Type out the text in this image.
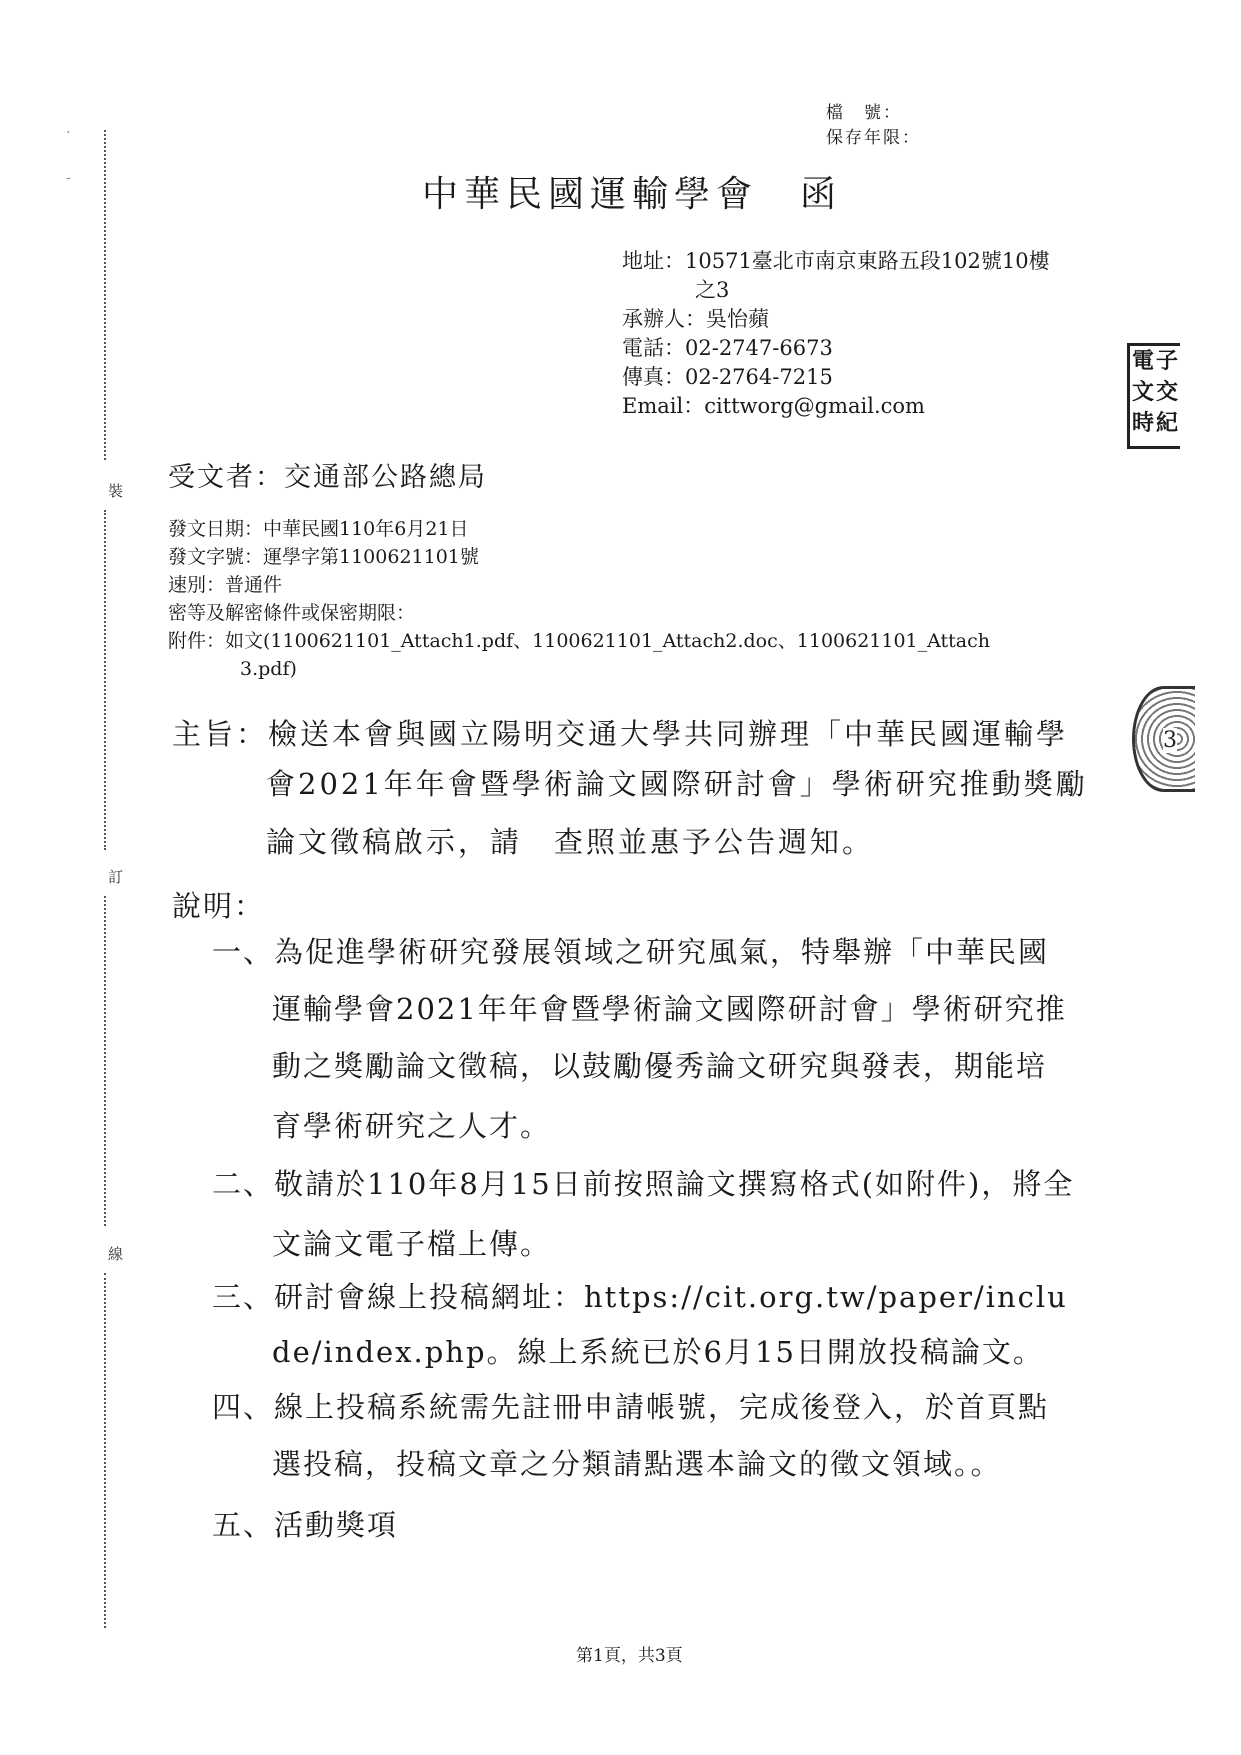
·
-
裝
訂
線
檔　號：
保存年限：
中華民國運輸學會　函
地址：10571臺北市南京東路五段102號10樓
之3
承辦人：吳怡蘋
電話：02-2747-6673
傳真：02-2764-7215
Email：cittworg@gmail.com
電
文
時
子
交
紀
受文者：交通部公路總局
發文日期：中華民國110年6月21日
發文字號：運學字第1100621101號
速別：普通件
密等及解密條件或保密期限：
附件：如文(1100621101_Attach1.pdf、1100621101_Attach2.doc、1100621101_Attach
3.pdf)
3
主旨：檢送本會與國立陽明交通大學共同辦理「中華民國運輸學
會2021年年會暨學術論文國際研討會」學術研究推動獎勵
論文徵稿啟示，請　查照並惠予公告週知。
說明：
一、為促進學術研究發展領域之研究風氣，特舉辦「中華民國
運輸學會2021年年會暨學術論文國際研討會」學術研究推
動之獎勵論文徵稿，以鼓勵優秀論文研究與發表，期能培
育學術研究之人才。
二、敬請於110年8月15日前按照論文撰寫格式(如附件)，將全
文論文電子檔上傳。
三、研討會線上投稿網址：https://cit.org.tw/paper/inclu
de/index.php。線上系統已於6月15日開放投稿論文。
四、線上投稿系統需先註冊申請帳號，完成後登入，於首頁點
選投稿，投稿文章之分類請點選本論文的徵文領域。。
五、活動獎項
第1頁，共3頁
